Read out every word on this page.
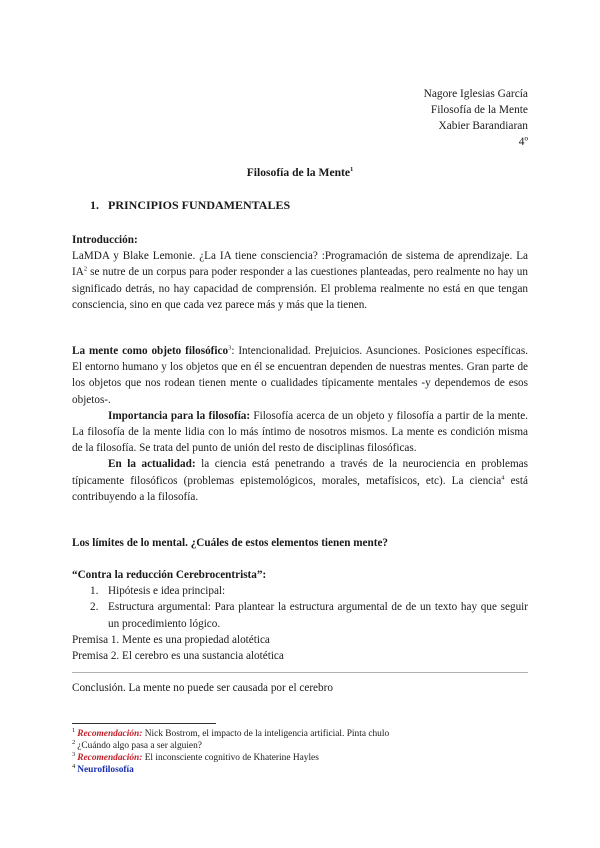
Nagore Iglesias García
Filosofía de la Mente
Xabier Barandiaran
4º
Filosofía de la Mente$^1$
1. PRINCIPIOS FUNDAMENTALES
Introducción:

LaMDA y Blake Lemonie. ¿La IA tiene consciencia? :Programación de sistema de aprendizaje. La $IA^2$ se nutre de un corpus para poder responder a las cuestiones planteadas, pero realmente no hay un significado detrás, no hay capacidad de comprensión. El problema realmente no está en que tengan consciencia, sino en que cada vez parece más y más que la tienen.

La mente como objeto filosófico$^3$: Intencionalidad. Prejuicios. Asunciones. Posiciones específicas. El entorno humano y los objetos que en él se encuentran dependen de nuestras mentes. Gran parte de los objetos que nos rodean tienen mente o cualidades típicamente mentales -y dependemos de esos objetos-.

Importancia para la filosofía: Filosofía acerca de un objeto y filosofía a partir de la mente. La filosofía de la mente lidia con lo más íntimo de nosotros mismos. La mente es condición misma de la filosofía. Se trata del punto de unión del resto de disciplinas filosóficas.

En la actualidad: la ciencia está penetrando a través de la neurociencia en problemas típicamente filosóficos (problemas epistemológicos, morales, metafísicos, etc). La ciencia$^4$ está contribuyendo a la filosofía.

Los límites de lo mental. ¿Cuáles de estos elementos tienen mente?
“Contra la reducción Cerebrocentrista”:
1. Hipótesis e idea principal:
2. Estructura argumental: Para plantear la estructura argumental de de un texto hay que seguir un procedimiento lógico.
Premisa 1. Mente es una propiedad alotética
Premisa 2. El cerebro es una sustancia alotética
Conclusión. La mente no puede ser causada por el cerebro
$^1$ Recomendación: Nick Bostrom, el impacto de la inteligencia artificial. Pinta chulo
$^2$ ¿Cuándo algo pasa a ser alguien?
$^3$ Recomendación: El inconsciente cognitivo de Khaterine Hayles
$^4$ Neurofilosofía
